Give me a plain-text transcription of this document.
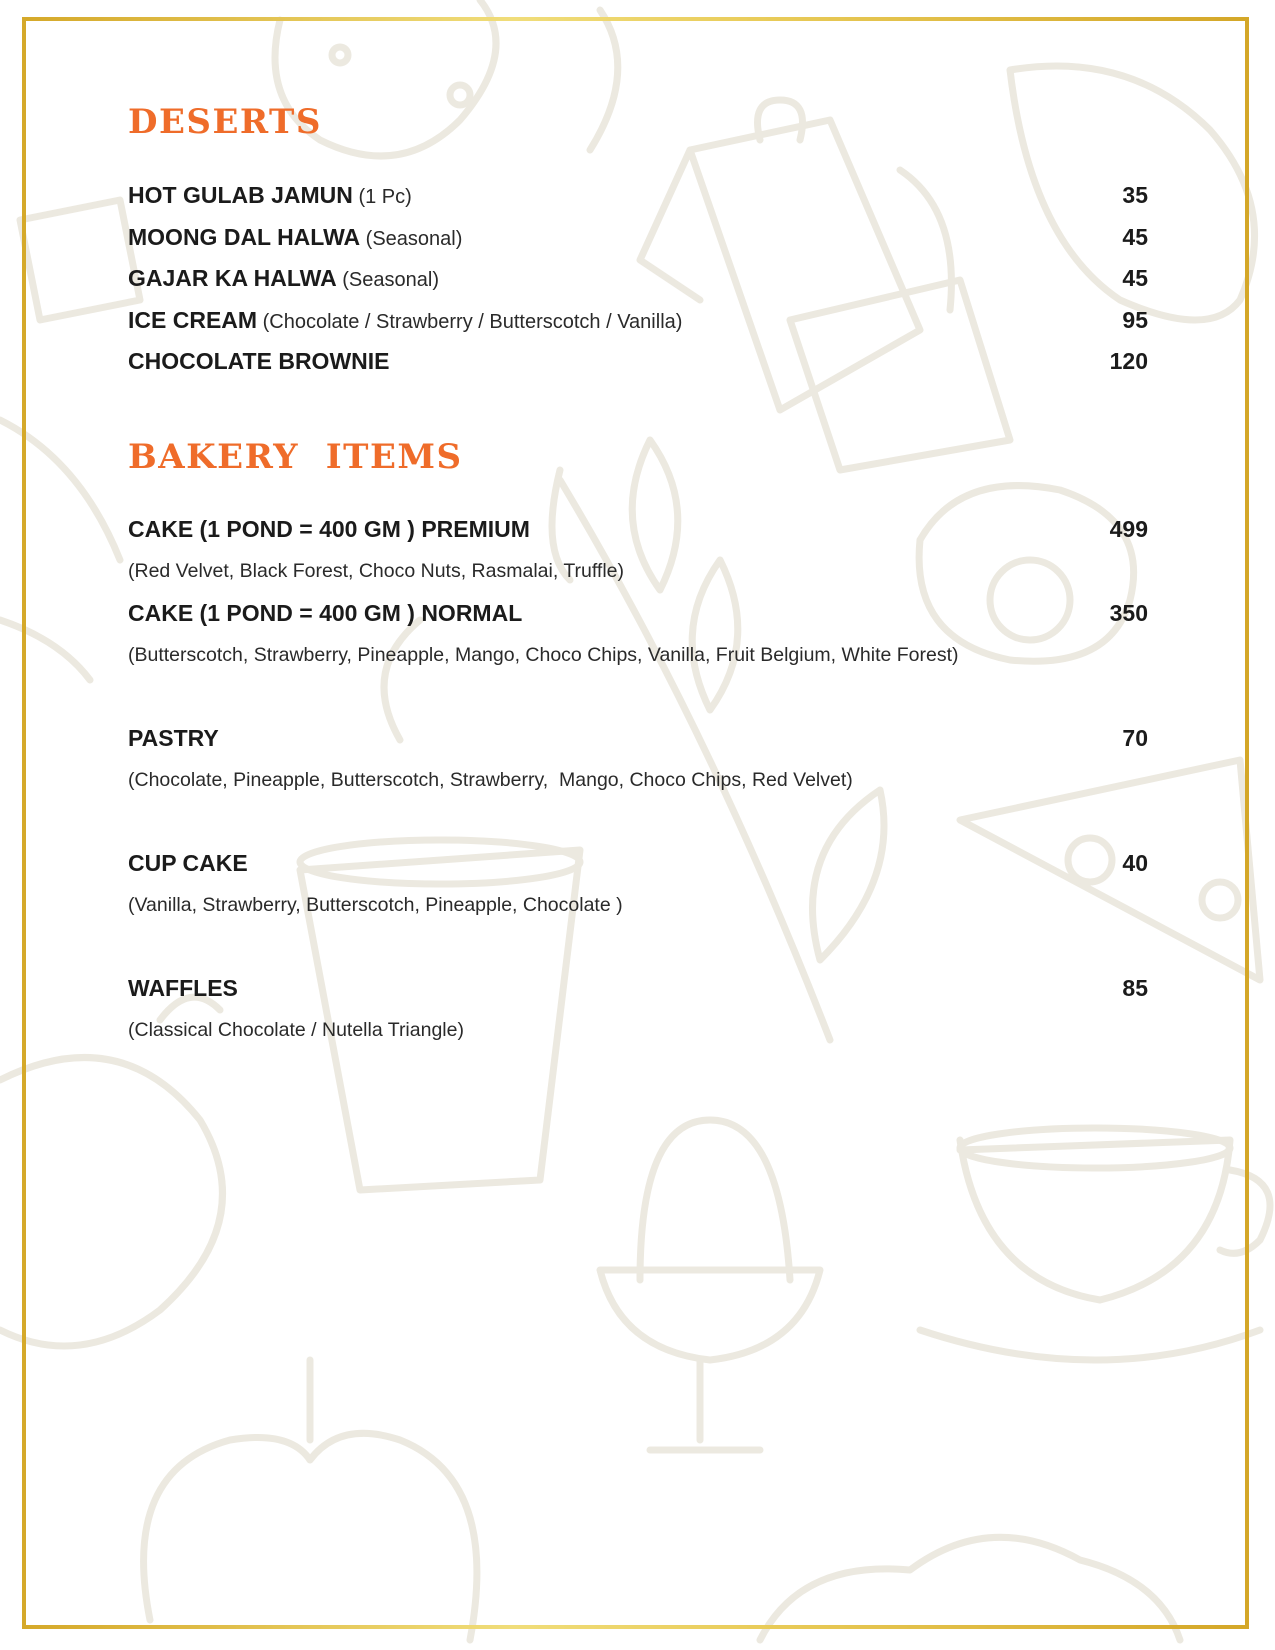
DESERTS
HOT GULAB JAMUN (1 Pc)	35
MOONG DAL HALWA (Seasonal)	45
GAJAR KA HALWA (Seasonal)	45
ICE CREAM (Chocolate / Strawberry / Butterscotch / Vanilla)	95
CHOCOLATE BROWNIE	120
BAKERY  ITEMS
CAKE (1 POND = 400 GM ) PREMIUM	499
(Red Velvet, Black Forest, Choco Nuts, Rasmalai, Truffle)
CAKE (1 POND = 400 GM ) NORMAL	350
(Butterscotch, Strawberry, Pineapple, Mango, Choco Chips, Vanilla, Fruit Belgium, White Forest)
PASTRY	70
(Chocolate, Pineapple, Butterscotch, Strawberry,  Mango, Choco Chips, Red Velvet)
CUP CAKE	40
(Vanilla, Strawberry, Butterscotch, Pineapple, Chocolate )
WAFFLES	85
(Classical Chocolate / Nutella Triangle)
